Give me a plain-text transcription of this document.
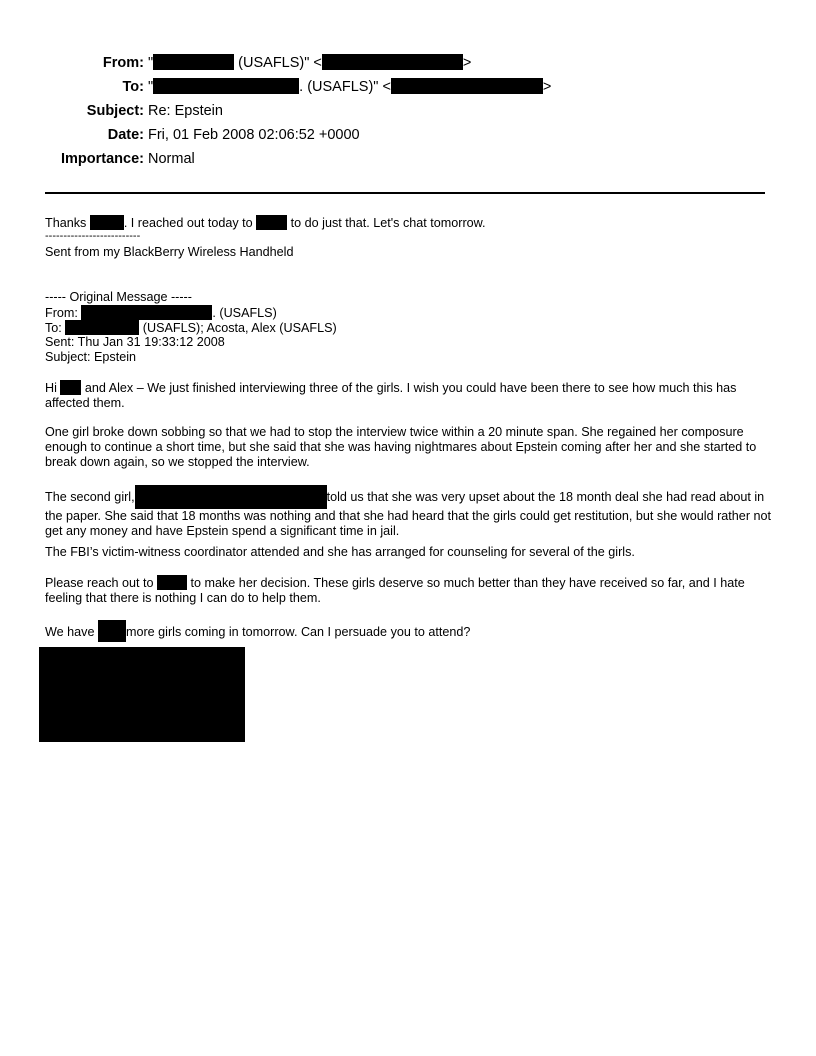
From: "	(USAFLS)" <	>
To: "	. (USAFLS)" <	>
Subject: Re: Epstein
Date: Fri, 01 Feb 2008 02:06:52 +0000
Importance: Normal
Thanks	. I reached out today to  to do just that. Let's chat tomorrow.
--------------------------
Sent from my BlackBerry Wireless Handheld
----- Original Message -----
From:	. (USAFLS)
To:	(USAFLS); Acosta, Alex (USAFLS)
Sent: Thu Jan 31 19:33:12 2008
Subject: Epstein
Hi  and Alex – We just finished interviewing three of the girls. I wish you could have been there to see how much this has affected them.
One girl broke down sobbing so that we had to stop the interview twice within a 20 minute span. She regained her composure enough to continue a short time, but she said that she was having nightmares about Epstein coming after her and she started to break down again, so we stopped the interview.
The second girl,	told us that she was very upset about the 18 month deal she had read about in the paper. She said that 18 months was nothing and that she had heard that the girls could get restitution, but she would rather not get any money and have Epstein spend a significant time in jail.
The FBI’s victim-witness coordinator attended and she has arranged for counseling for several of the girls.
Please reach out to  to make her decision. These girls deserve so much better than they have received so far, and I hate feeling that there is nothing I can do to help them.
We have more girls coming in tomorrow. Can I persuade you to attend?
